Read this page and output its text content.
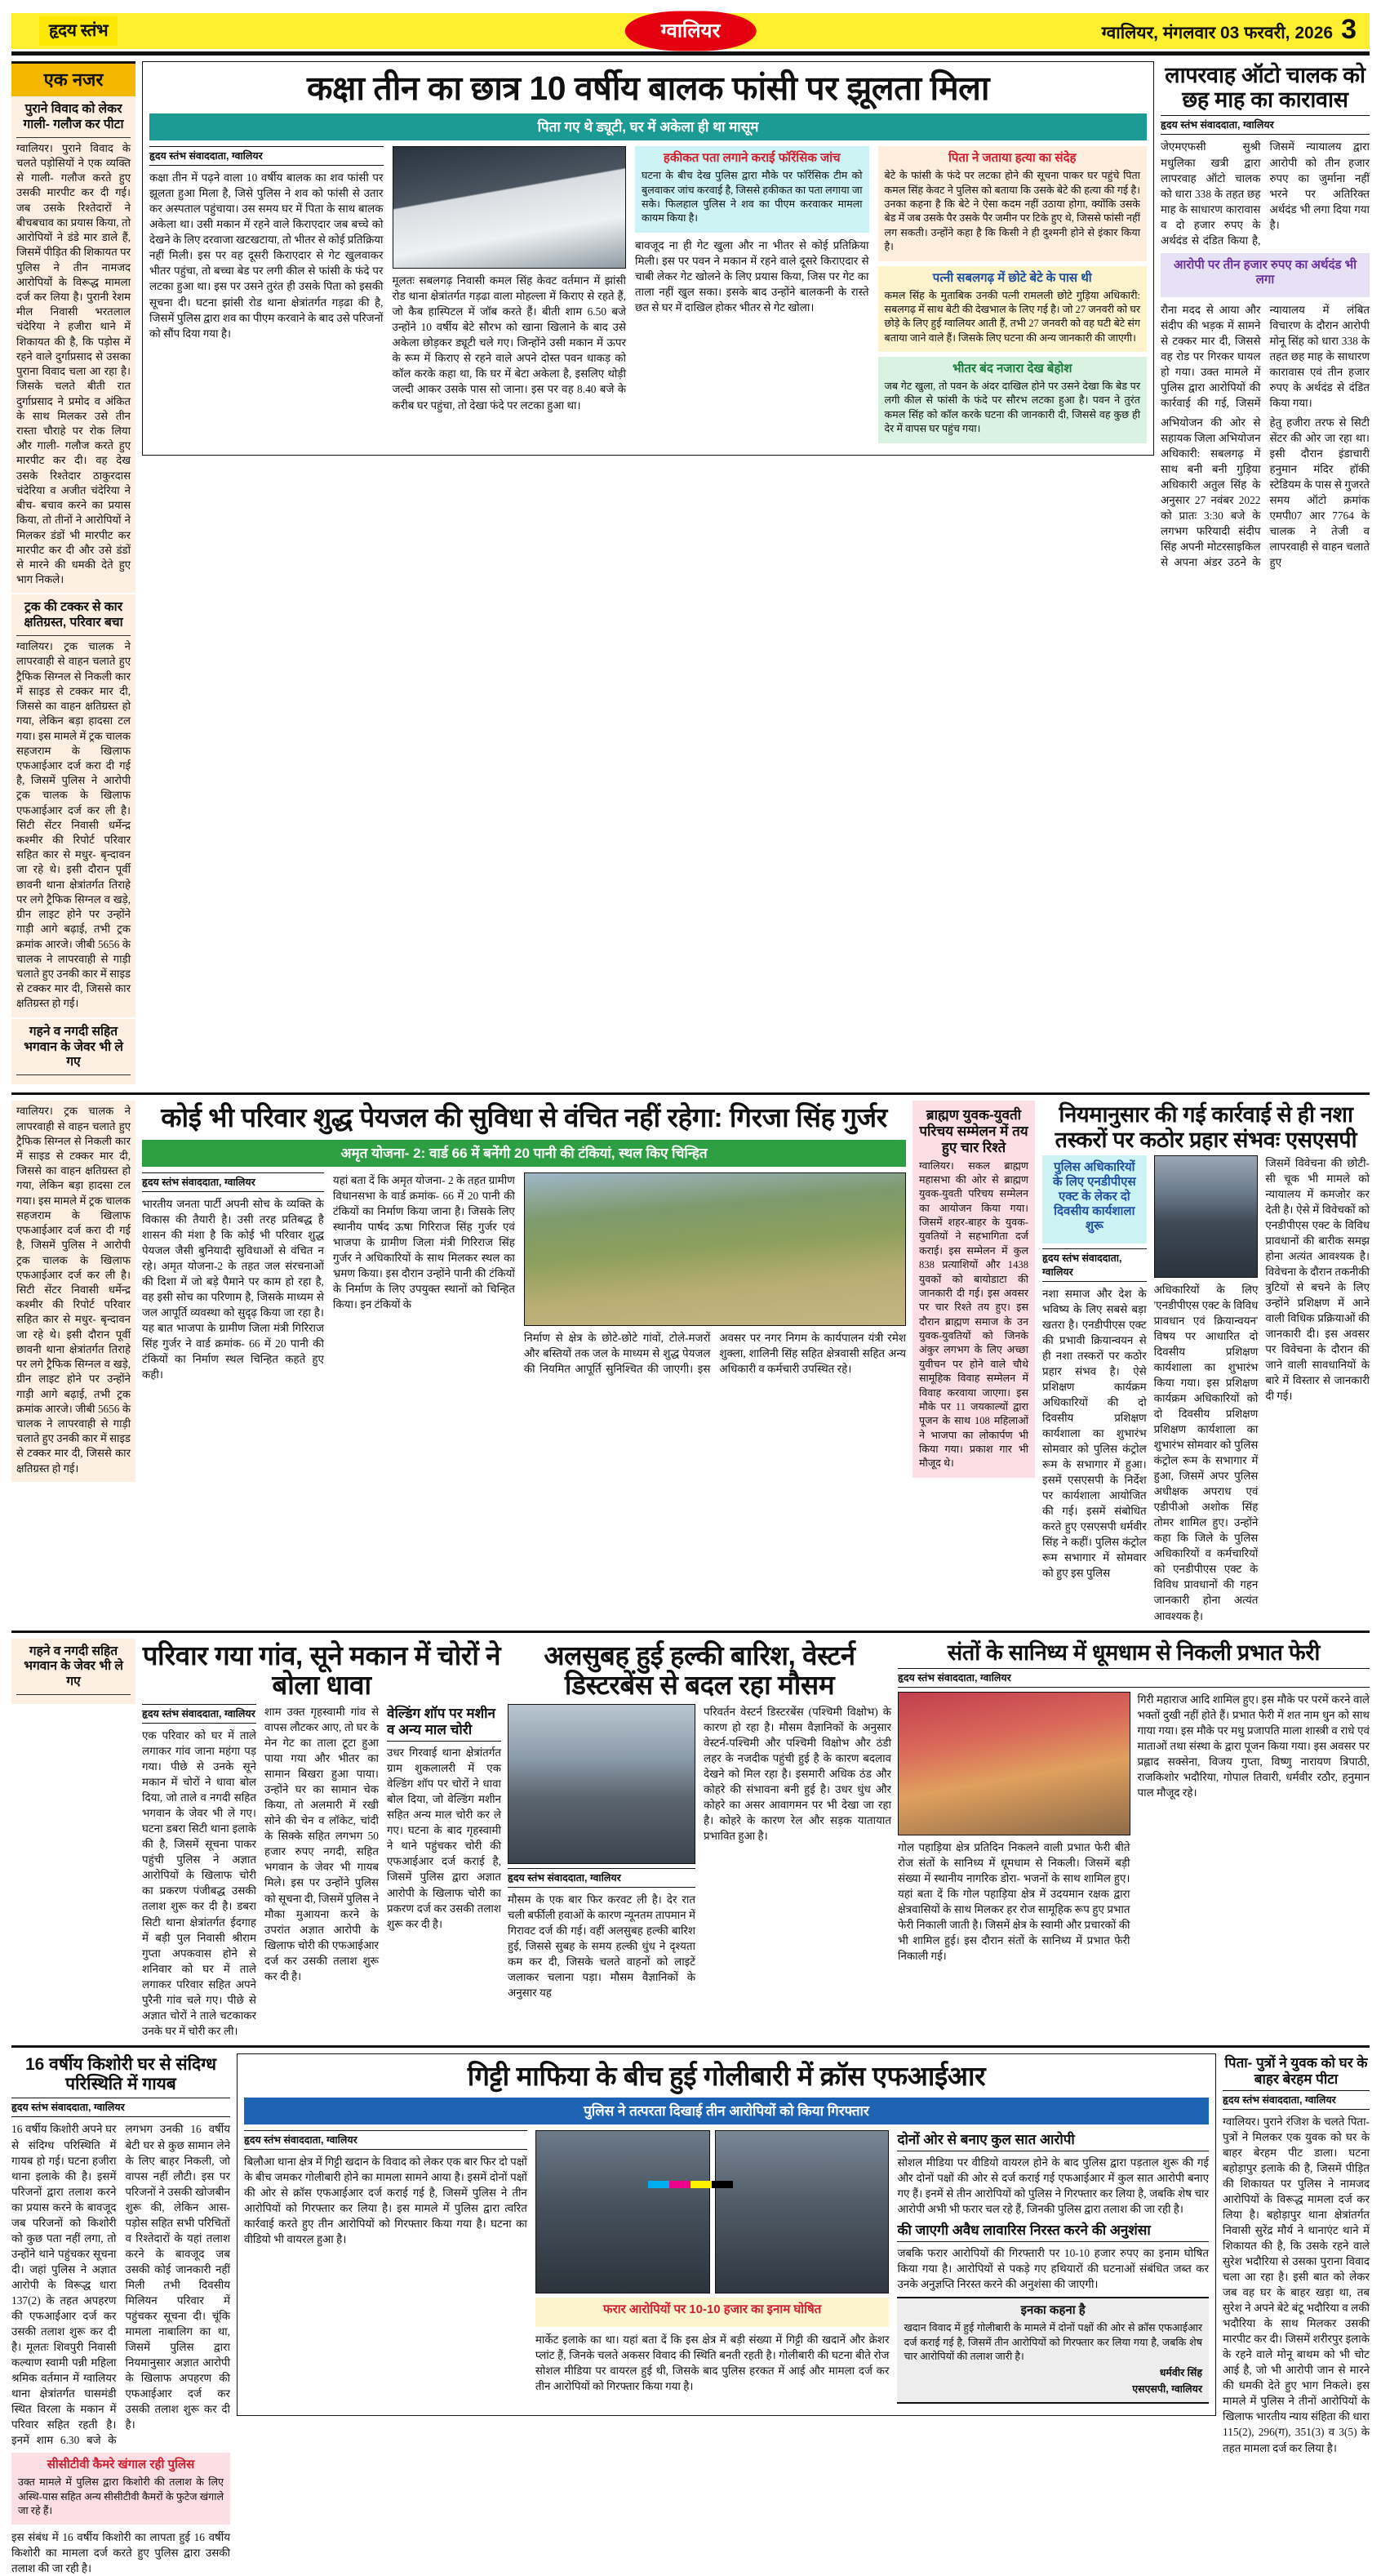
हृदय स्तंभ	ग्वालियर	ग्वालियर, मंगलवार 03 फरवरी, 2026 3
एक नजर
पुराने विवाद को लेकर गाली- गलौज कर पीटा
ग्वालियर। पुराने विवाद के चलते पड़ोसियों ने एक व्यक्ति से गाली- गलौज करते हुए उसकी मारपीट कर दी गई। जब उसके रिश्तेदारों ने बीचबचाव का प्रयास किया, तो आरोपियों ने डंडे मार डाले हैं, जिसमें पीड़ित की शिकायत पर पुलिस ने तीन नामजद आरोपियों के विरूद्ध मामला दर्ज कर लिया है। पुरानी रेशम मील निवासी भरतलाल चंदेरिया ने हजीरा थाने में शिकायत की है, कि पड़ोस में रहने वाले दुर्गाप्रसाद से उसका पुराना विवाद चला आ रहा है। जिसके चलते बीती रात दुर्गाप्रसाद ने प्रमोद व अंकित के साथ मिलकर उसे तीन रास्ता चौराहे पर रोक लिया और गाली- गलौज करते हुए मारपीट कर दी। वह देख उसके रिश्तेदार ठाकुरदास चंदेरिया व अजीत चंदेरिया ने बीच- बचाव करने का प्रयास किया, तो तीनों ने आरोपियों ने मिलकर डंडों भी मारपीट कर मारपीट कर दी और उसे डंडों से मारने की धमकी देते हुए भाग निकले।
ट्रक की टक्कर से कार क्षतिग्रस्त, परिवार बचा
ग्वालियर। ट्रक चालक ने लापरवाही से वाहन चलाते हुए ट्रैफिक सिग्नल से निकली कार में साइड से टक्कर मार दी, जिससे का वाहन क्षतिग्रस्त हो गया, लेकिन बड़ा हादसा टल गया। इस मामले में ट्रक चालक सहजराम के खिलाफ एफआईआर दर्ज करा दी गई है, जिसमें पुलिस ने आरोपी ट्रक चालक के खिलाफ एफआईआर दर्ज कर ली है। सिटी सेंटर निवासी धर्मेन्द्र कश्मीर की रिपोर्ट परिवार सहित कार से मधुर- बृन्दावन जा रहे थे। इसी दौरान पूर्वी छावनी थाना क्षेत्रांतर्गत तिराहे पर लगे ट्रैफिक सिग्नल व खड़े, ग्रीन लाइट होने पर उन्होंने गाड़ी आगे बढ़ाई, तभी ट्रक क्रमांक आरजे। जीबी 5656 के चालक ने लापरवाही से गाड़ी चलाते हुए उनकी कार में साइड से टक्कर मार दी, जिससे कार क्षतिग्रस्त हो गई।
गहने व नगदी सहित भगवान के जेवर भी ले गए
कक्षा तीन का छात्र 10 वर्षीय बालक फांसी पर झूलता मिला
पिता गए थे ड्यूटी, घर में अकेला ही था मासूम
हृदय स्तंभ संवाददाता, ग्वालियर
कक्षा तीन में पढ़ने वाला 10 वर्षीय बालक का शव फांसी पर झूलता हुआ मिला है, जिसे पुलिस ने शव को फांसी से उतार कर अस्पताल पहुंचाया। उस समय घर में पिता के साथ बालक अकेला था। उसी मकान में रहने वाले किराएदार जब बच्चे को देखने के लिए दरवाजा खटखटाया, तो भीतर से कोई प्रतिक्रिया नहीं मिली। इस पर वह दूसरी किराएदार से गेट खुलवाकर भीतर पहुंचा, तो बच्चा बेड पर लगी कील से फांसी के फंदे पर लटका हुआ था। इस पर उसने तुरंत ही उसके पिता को इसकी सूचना दी। घटना झांसी रोड थाना क्षेत्रांतर्गत गड़ढा की है, जिसमें पुलिस द्वारा शव का पीएम करवाने के बाद उसे परिजनों को सौंप दिया गया है।
मूलतः सबलगढ़ निवासी कमल सिंह केवट वर्तमान में झांसी रोड थाना क्षेत्रांतर्गत गड़ढा वाला मोहल्ला में किराए से रहते हैं, जो कैब हास्पिटल में जॉब करते हैं। बीती शाम 6.50 बजे उन्होंने 10 वर्षीय बेटे सौरभ को खाना खिलाने के बाद उसे अकेला छोड़कर ड्यूटी चले गए। जिन्होंने उसी मकान में ऊपर के रूम में किराए से रहने वाले अपने दोस्त पवन धाकड़ को कॉल करके कहा था, कि घर में बेटा अकेला है, इसलिए थोड़ी जल्दी आकर उसके पास सो जाना। इस पर वह 8.40 बजे के करीब घर पहुंचा, तो देखा फंदे पर लटका हुआ था।
हकीकत पता लगाने कराई फॉरेंसिक जांच
घटना के बीच देख पुलिस द्वारा मौके पर फॉरेंसिक टीम को बुलवाकर जांच करवाई है, जिससे हकीकत का पता लगाया जा सके। फिलहाल पुलिस ने शव का पीएम करवाकर मामला कायम किया है।
बावजूद ना ही गेट खुला और ना भीतर से कोई प्रतिक्रिया मिली। इस पर पवन ने मकान में रहने वाले दूसरे किराएदार से चाबी लेकर गेट खोलने के लिए प्रयास किया, जिस पर गेट का ताला नहीं खुल सका। इसके बाद उन्होंने बालकनी के रास्ते छत से घर में दाखिल होकर भीतर से गेट खोला।
पिता ने जताया हत्या का संदेह
बेटे के फांसी के फंदे पर लटका होने की सूचना पाकर घर पहुंचे पिता कमल सिंह केवट ने पुलिस को बताया कि उसके बेटे की हत्या की गई है। उनका कहना है कि बेटे ने ऐसा कदम नहीं उठाया होगा, क्योंकि उसके बेड में जब उसके पैर उसके पैर जमीन पर टिके हुए थे, जिससे फांसी नहीं लग सकती। उन्होंने कहा है कि किसी ने ही दुश्मनी होने से इंकार किया है।
पत्नी सबलगढ़ में छोटे बेटे के पास थी
कमल सिंह के मुताबिक उनकी पत्नी रामलली छोटे गुड़िया अधिकारी: सबलगढ़ में साथ बेटी की देखभाल के लिए गई है। जो 27 जनवरी को घर छोड़े के लिए हुई ग्वालियर आती हैं, तभी 27 जनवरी को वह घटी बेटे संग बताया जाने वाले हैं। जिसके लिए घटना की अन्य जानकारी की जाएगी।
भीतर बंद नजारा देख बेहोश
जब गेट खुला, तो पवन के अंदर दाखिल होने पर उसने देखा कि बेड पर लगी कील से फांसी के फंदे पर सौरभ लटका हुआ है। पवन ने तुरंत कमल सिंह को कॉल करके घटना की जानकारी दी, जिससे वह कुछ ही देर में वापस घर पहुंच गया।
लापरवाह ऑटो चालक को छह माह का कारावास
हृदय स्तंभ संवाददाता, ग्वालियर
जेएमएफसी सुश्री मधुलिका खत्री द्वारा लापरवाह ऑटो चालक को धारा 338 के तहत छह माह के साधारण कारावास व दो हजार रुपए के अर्थदंड से दंडित किया है, जिसमें न्यायालय द्वारा आरोपी को तीन हजार रुपए का जुर्माना नहीं भरने पर अतिरिक्त अर्थदंड भी लगा दिया गया है।
आरोपी पर तीन हजार रुपए का अर्थदंड भी लगा
रौना मदद से आया और संदीप की भड़क में सामने से टक्कर मार दी, जिससे वह रोड पर गिरकर घायल हो गया। उक्त मामले में पुलिस द्वारा आरोपियों की कार्रवाई की गई, जिसमें न्यायालय में लंबित विचारण के दौरान आरोपी मोनू सिंह को धारा 338 के तहत छह माह के साधारण कारावास एवं तीन हजार रुपए के अर्थदंड से दंडित किया गया।
अभियोजन की ओर से सहायक जिला अभियोजन अधिकारी: सबलगढ़ में साथ बनी बनी गुड़िया अधिकारी अतुल सिंह के अनुसार 27 नवंबर 2022 को प्रातः 3:30 बजे के लगभग फरियादी संदीप सिंह अपनी मोटरसाइकिल से अपना अंडर उठने के हेतु हजीरा तरफ से सिटी सेंटर की ओर जा रहा था। इसी दौरान इंडाचारी हनुमान मंदिर हॉकी स्टेडियम के पास से गुजरते समय ऑटो क्रमांक एमपी07 आर 7764 के चालक ने तेजी व लापरवाही से वाहन चलाते हुए
ग्वालियर। ट्रक चालक ने लापरवाही से वाहन चलाते हुए ट्रैफिक सिग्नल से निकली कार में साइड से टक्कर मार दी, जिससे का वाहन क्षतिग्रस्त हो गया, लेकिन बड़ा हादसा टल गया। इस मामले में ट्रक चालक सहजराम के खिलाफ एफआईआर दर्ज करा दी गई है, जिसमें पुलिस ने आरोपी ट्रक चालक के खिलाफ एफआईआर दर्ज कर ली है। सिटी सेंटर निवासी धर्मेन्द्र कश्मीर की रिपोर्ट परिवार सहित कार से मधुर- बृन्दावन जा रहे थे। इसी दौरान पूर्वी छावनी थाना क्षेत्रांतर्गत तिराहे पर लगे ट्रैफिक सिग्नल व खड़े, ग्रीन लाइट होने पर उन्होंने गाड़ी आगे बढ़ाई, तभी ट्रक क्रमांक आरजे। जीबी 5656 के चालक ने लापरवाही से गाड़ी चलाते हुए उनकी कार में साइड से टक्कर मार दी, जिससे कार क्षतिग्रस्त हो गई।
कोई भी परिवार शुद्ध पेयजल की सुविधा से वंचित नहीं रहेगा: गिरजा सिंह गुर्जर
अमृत योजना- 2: वार्ड 66 में बनेंगी 20 पानी की टंकियां, स्थल किए चिन्हित
हृदय स्तंभ संवाददाता, ग्वालियर
भारतीय जनता पार्टी अपनी सोच के व्यक्ति के विकास की तैयारी है। उसी तरह प्रतिबद्ध है शासन की मंशा है कि कोई भी परिवार शुद्ध पेयजल जैसी बुनियादी सुविधाओं से वंचित न रहे। अमृत योजना-2 के तहत जल संरचनाओं की दिशा में जो बड़े पैमाने पर काम हो रहा है, वह इसी सोच का परिणाम है, जिसके माध्यम से जल आपूर्ति व्यवस्था को सुदृढ़ किया जा रहा है। यह बात भाजपा के ग्रामीण जिला मंत्री गिरिराज सिंह गुर्जर ने वार्ड क्रमांक- 66 में 20 पानी की टंकियों का निर्माण स्थल चिन्हित कहते हुए कही।
यहां बता दें कि अमृत योजना- 2 के तहत ग्रामीण विधानसभा के वार्ड क्रमांक- 66 में 20 पानी की टंकियों का निर्माण किया जाना है। जिसके लिए स्थानीय पार्षद ऊषा गिरिराज सिंह गुर्जर एवं भाजपा के ग्रामीण जिला मंत्री गिरिराज सिंह गुर्जर ने अधिकारियों के साथ मिलकर स्थल का भ्रमण किया। इस दौरान उन्होंने पानी की टंकियों के निर्माण के लिए उपयुक्त स्थानों को चिन्हित किया। इन टंकियों के
निर्माण से क्षेत्र के छोटे-छोटे गांवों, टोले-मजरों और बस्तियों तक जल के माध्यम से शुद्ध पेयजल की नियमित आपूर्ति सुनिश्चित की जाएगी। इस अवसर पर नगर निगम के कार्यपालन यंत्री रमेश शुक्ला, शालिनी सिंह सहित क्षेत्रवासी सहित अन्य अधिकारी व कर्मचारी उपस्थित रहे।
ब्राह्मण युवक-युवती परिचय सम्मेलन में तय हुए चार रिश्ते
ग्वालियर। सकल ब्राह्मण महासभा की ओर से ब्राह्मण युवक-युवती परिचय सम्मेलन का आयोजन किया गया। जिसमें शहर-बाहर के युवक-युवतियों ने सहभागिता दर्ज कराई। इस सम्मेलन में कुल 838 प्रत्याशियों और 1438 युवकों को बायोडाटा की जानकारी दी गई। इस अवसर पर चार रिश्ते तय हुए। इस दौरान ब्राह्मण समाज के उन युवक-युवतियों को जिनके अंकुर लगभग के लिए अच्छा युवीचन पर होने वाले चौथे सामूहिक विवाह सम्मेलन में विवाह करवाया जाएगा। इस मौके पर 11 जयकाल्यों द्वारा पूजन के साथ 108 महिलाओं ने भाजपा का लोकार्पण भी किया गया। प्रकाश गार भी मौजूद थे।
नियमानुसार की गई कार्रवाई से ही नशा तस्करों पर कठोर प्रहार संभवः एसएसपी
पुलिस अधिकारियों के लिए एनडीपीएस एक्ट के लेकर दो दिवसीय कार्यशाला शुरू
हृदय स्तंभ संवाददाता, ग्वालियर
नशा समाज और देश के भविष्य के लिए सबसे बड़ा खतरा है। एनडीपीएस एक्ट की प्रभावी क्रियान्वयन से ही नशा तस्करों पर कठोर प्रहार संभव है। ऐसे प्रशिक्षण कार्यक्रम अधिकारियों की दो दिवसीय प्रशिक्षण कार्यशाला का शुभारंभ सोमवार को पुलिस कंट्रोल रूम के सभागार में हुआ। इसमें एसएसपी के निर्देश पर कार्यशाला आयोजित की गई। इसमें संबोधित करते हुए एसएसपी धर्मवीर सिंह ने कहीं। पुलिस कंट्रोल रूम सभागार में सोमवार को हुए इस पुलिस
अधिकारियों के लिए 'एनडीपीएस एक्ट के विविध प्रावधान एवं क्रियान्वयन' विषय पर आधारित दो दिवसीय प्रशिक्षण कार्यशाला का शुभारंभ किया गया। इस प्रशिक्षण कार्यक्रम अधिकारियों को दो दिवसीय प्रशिक्षण प्रशिक्षण कार्यशाला का शुभारंभ सोमवार को पुलिस कंट्रोल रूम के सभागार में हुआ, जिसमें अपर पुलिस अधीक्षक अपराध एवं एडीपीओ अशोक सिंह तोमर शामिल हुए। उन्होंने कहा कि जिले के पुलिस अधिकारियों व कर्मचारियों को एनडीपीएस एक्ट के विविध प्रावधानों की गहन जानकारी होना अत्यंत आवश्यक है।
जिसमें विवेचना की छोटी-सी चूक भी मामले को न्यायालय में कमजोर कर देती है। ऐसे में विवेचकों को एनडीपीएस एक्ट के विविध प्रावधानों की बारीक समझ होना अत्यंत आवश्यक है। विवेचना के दौरान तकनीकी त्रुटियों से बचने के लिए उन्होंने प्रशिक्षण में आने वाली विधिक प्रक्रियाओं की जानकारी दी। इस अवसर पर विवेचना के दौरान की जाने वाली सावधानियों के बारे में विस्तार से जानकारी दी गई।
गहने व नगदी सहित भगवान के जेवर भी ले गए
परिवार गया गांव, सूने मकान में चोरों ने बोला धावा
हृदय स्तंभ संवाददाता, ग्वालियर
एक परिवार को घर में ताले लगाकर गांव जाना महंगा पड़ गया। पीछे से उनके सूने मकान में चोरों ने धावा बोल दिया, जो ताले व नगदी सहित भगवान के जेवर भी ले गए। घटना डबरा सिटी थाना इलाके की है, जिसमें सूचना पाकर पहुंची पुलिस ने अज्ञात आरोपियों के खिलाफ चोरी का प्रकरण पंजीबद्ध उसकी तलाश शुरू कर दी है। डबरा सिटी थाना क्षेत्रांतर्गत ईदगाह में बड़ी पुल निवासी श्रीराम गुप्ता अपकवास होने से शनिवार को घर में ताले लगाकर परिवार सहित अपने पुरैनी गांव चले गए। पीछे से अज्ञात चोरों ने ताले चटकाकर उनके घर में चोरी कर ली।
शाम उक्त गृहस्वामी गांव से वापस लौटकर आए, तो घर के मेन गेट का ताला टूटा हुआ पाया गया और भीतर का सामान बिखरा हुआ पाया। उन्होंने घर का सामान चेक किया, तो अलमारी में रखी सोने की चेन व लॉकेट, चांदी के सिक्के सहित लगभग 50 हजार रुपए नगदी, सहित भगवान के जेवर भी गायब मिले। इस पर उन्होंने पुलिस को सूचना दी, जिसमें पुलिस ने मौका मुआयना करने के उपरांत अज्ञात आरोपी के खिलाफ चोरी की एफआईआर दर्ज कर उसकी तलाश शुरू कर दी है।
वेल्डिंग शॉप पर मशीन व अन्य माल चोरी
उधर गिरवाई थाना क्षेत्रांतर्गत ग्राम शुकलालरी में एक वेल्डिंग शॉप पर चोरों ने धावा बोल दिया, जो वेल्डिंग मशीन सहित अन्य माल चोरी कर ले गए। घटना के बाद गृहस्वामी ने थाने पहुंचकर चोरी की एफआईआर दर्ज कराई है, जिसमें पुलिस द्वारा अज्ञात आरोपी के खिलाफ चोरी का प्रकरण दर्ज कर उसकी तलाश शुरू कर दी है।
अलसुबह हुई हल्की बारिश, वेस्टर्न डिस्टरबेंस से बदल रहा मौसम
हृदय स्तंभ संवाददाता, ग्वालियर
मौसम के एक बार फिर करवट ली है। देर रात चली बर्फीली हवाओं के कारण न्यूनतम तापमान में गिरावट दर्ज की गई। वहीं अलसुबह हल्की बारिश हुई, जिससे सुबह के समय हल्की धुंध ने दृश्यता कम कर दी, जिसके चलते वाहनों को लाइटें जलाकर चलाना पड़ा। मौसम वैज्ञानिकों के अनुसार यह
परिवर्तन वेस्टर्न डिस्टरबेंस (पश्चिमी विक्षोभ) के कारण हो रहा है। मौसम वैज्ञानिकों के अनुसार वेस्टर्न-पश्चिमी और पश्चिमी विक्षोभ और ठंडी लहर के नजदीक पहुंची हुई है के कारण बदलाव देखने को मिल रहा है। इसमारी अधिक ठंड और कोहरे की संभावना बनी हुई है। उधर धुंध और कोहरे का असर आवागमन पर भी देखा जा रहा है। कोहरे के कारण रेल और सड़क यातायात प्रभावित हुआ है।
संतों के सानिध्य में धूमधाम से निकली प्रभात फेरी
हृदय स्तंभ संवाददाता, ग्वालियर
गोल पहाड़िया क्षेत्र प्रतिदिन निकलने वाली प्रभात फेरी बीते रोज संतों के सानिध्य में धूमधाम से निकली। जिसमें बड़ी संख्या में स्थानीय नागरिक डोरा- भजनों के साथ शामिल हुए। यहां बता दें कि गोल पहाड़िया क्षेत्र में उदयमान रक्षक द्वारा क्षेत्रवासियों के साथ मिलकर हर रोज सामूहिक रूप हुए प्रभात फेरी निकाली जाती है। जिसमें क्षेत्र के स्वामी और प्रचारकों की भी शामिल हुई। इस दौरान संतों के सानिध्य में प्रभात फेरी निकाली गई।
गिरी महाराज आदि शामिल हुए। इस मौके पर परमें करने वाले भक्तों दुखी नहीं होते हैं। प्रभात फेरी में शत नाम धुन को साथ गाया गया। इस मौके पर मधु प्रजापति माला शास्त्री व राधे एवं माताओं तथा संस्था के द्वारा पूजन किया गया। इस अवसर पर प्रह्लाद सक्सेना, विजय गुप्ता, विष्णु नारायण त्रिपाठी, राजकिशोर भदौरिया, गोपाल तिवारी, धर्मवीर रठौर, हनुमान पाल मौजूद रहे।
16 वर्षीय किशोरी घर से संदिग्ध परिस्थिति में गायब
हृदय स्तंभ संवाददाता, ग्वालियर
16 वर्षीय किशोरी अपने घर से संदिग्ध परिस्थिति में गायब हो गई। घटना हजीरा थाना इलाके की है। इसमें परिजनों द्वारा तलाश करने का प्रयास करने के बावजूद जब परिजनों को किशोरी को कुछ पता नहीं लगा, तो उन्होंने थाने पहुंचकर सूचना दी। जहां पुलिस ने अज्ञात आरोपी के विरूद्ध धारा 137(2) के तहत अपहरण की एफआईआर दर्ज कर उसकी तलाश शुरू कर दी है। मूलतः शिवपुरी निवासी कल्याण स्वामी पन्नी महिला श्रमिक वर्तमान में ग्वालियर थाना क्षेत्रांतर्गत घासमंडी स्थित विरला के मकान में परिवार सहित रहती है। इनमें शाम 6.30 बजे के लगभग उनकी 16 वर्षीय बेटी घर से कुछ सामान लेने के लिए बाहर निकली, जो वापस नहीं लौटी। इस पर परिजनों ने उसकी खोजबीन शुरू की, लेकिन आस-पड़ोस सहित सभी परिचितों व रिश्तेदारों के यहां तलाश करने के बावजूद जब उसकी कोई जानकारी नहीं मिली तभी दिवसीय मिलियन परिवार में पहुंचकर सूचना दी। चूंकि मामला नाबालिग का था, जिसमें पुलिस द्वारा नियमानुसार अज्ञात आरोपी के खिलाफ अपहरण की एफआईआर दर्ज कर उसकी तलाश शुरू कर दी है।
सीसीटीवी कैमरे खंगाल रही पुलिस
उक्त मामले में पुलिस द्वारा किशोरी की तलाश के लिए अस्थि-पास सहित अन्य सीसीटीवी कैमरों के फुटेज खंगाले जा रहे हैं।
इस संबंध में 16 वर्षीय किशोरी का लापता हुई 16 वर्षीय किशोरी का मामला दर्ज करते हुए पुलिस द्वारा उसकी तलाश की जा रही है।
गिट्टी माफिया के बीच हुई गोलीबारी में क्रॉस एफआईआर
पुलिस ने तत्परता दिखाई तीन आरोपियों को किया गिरफ्तार
हृदय स्तंभ संवाददाता, ग्वालियर
बिलौआ थाना क्षेत्र में गिट्टी खदान के विवाद को लेकर एक बार फिर दो पक्षों के बीच जमकर गोलीबारी होने का मामला सामने आया है। इसमें दोनों पक्षों की ओर से क्रॉस एफआईआर दर्ज कराई गई है, जिसमें पुलिस ने तीन आरोपियों को गिरफ्तार कर लिया है। इस मामले में पुलिस द्वारा त्वरित कार्रवाई करते हुए तीन आरोपियों को गिरफ्तार किया गया है। घटना का वीडियो भी वायरल हुआ है।
फरार आरोपियों पर 10-10 हजार का इनाम घोषित
मार्केट इलाके का था। यहां बता दें कि इस क्षेत्र में बड़ी संख्या में गिट्टी की खदानें और क्रेशर प्लांट हैं, जिनके चलते अकसर विवाद की स्थिति बनती रहती है। गोलीबारी की घटना बीते रोज सोशल मीडिया पर वायरल हुई थी, जिसके बाद पुलिस हरकत में आई और मामला दर्ज कर तीन आरोपियों को गिरफ्तार किया गया है।
दोनों ओर से बनाए कुल सात आरोपी
सोशल मीडिया पर वीडियो वायरल होने के बाद पुलिस द्वारा पड़ताल शुरू की गई और दोनों पक्षों की ओर से दर्ज कराई गई एफआईआर में कुल सात आरोपी बनाए गए हैं। इनमें से तीन आरोपियों को पुलिस ने गिरफ्तार कर लिया है, जबकि शेष चार आरोपी अभी भी फरार चल रहे हैं, जिनकी पुलिस द्वारा तलाश की जा रही है।
की जाएगी अवैध लावारिस निरस्त करने की अनुशंसा
जबकि फरार आरोपियों की गिरफ्तारी पर 10-10 हजार रुपए का इनाम घोषित किया गया है। आरोपियों से पकड़े गए हथियारों की घटनाओं संबंधित जब्त कर उनके अनुज्ञप्ति निरस्त करने की अनुशंसा की जाएगी।
इनका कहना है
खदान विवाद में हुई गोलीबारी के मामले में दोनों पक्षों की ओर से क्रॉस एफआईआर दर्ज कराई गई है, जिसमें तीन आरोपियों को गिरफ्तार कर लिया गया है, जबकि शेष चार आरोपियों की तलाश जारी है।
धर्मवीर सिंह
एसएसपी, ग्वालियर
पिता- पुत्रों ने युवक को घर के बाहर बेरहम पीटा
हृदय स्तंभ संवाददाता, ग्वालियर
ग्वालियर। पुराने रंजिश के चलते पिता- पुत्रों ने मिलकर एक युवक को घर के बाहर बेरहम पीट डाला। घटना बहोड़ापुर इलाके की है, जिसमें पीड़ित की शिकायत पर पुलिस ने नामजद आरोपियों के विरूद्ध मामला दर्ज कर लिया है। बहोड़ापुर थाना क्षेत्रांतर्गत निवासी सुरेंद्र मौर्य ने थानाएंट थाने में शिकायत की है, कि उसके रहने वाले सुरेश भदौरिया से उसका पुराना विवाद चला आ रहा है। इसी बात को लेकर जब वह घर के बाहर खड़ा था, तब सुरेश ने अपने बेटे बंटू भदौरिया व लकी भदौरिया के साथ मिलकर उसकी मारपीट कर दी। जिसमें शरीरपुर इलाके के रहने वाले मोनू बाथम को भी चोट आई है, जो भी आरोपी जान से मारने की धमकी देते हुए भाग निकले। इस मामले में पुलिस ने तीनों आरोपियों के खिलाफ भारतीय न्याय संहिता की धारा 115(2), 296(ग), 351(3) व 3(5) के तहत मामला दर्ज कर लिया है।
